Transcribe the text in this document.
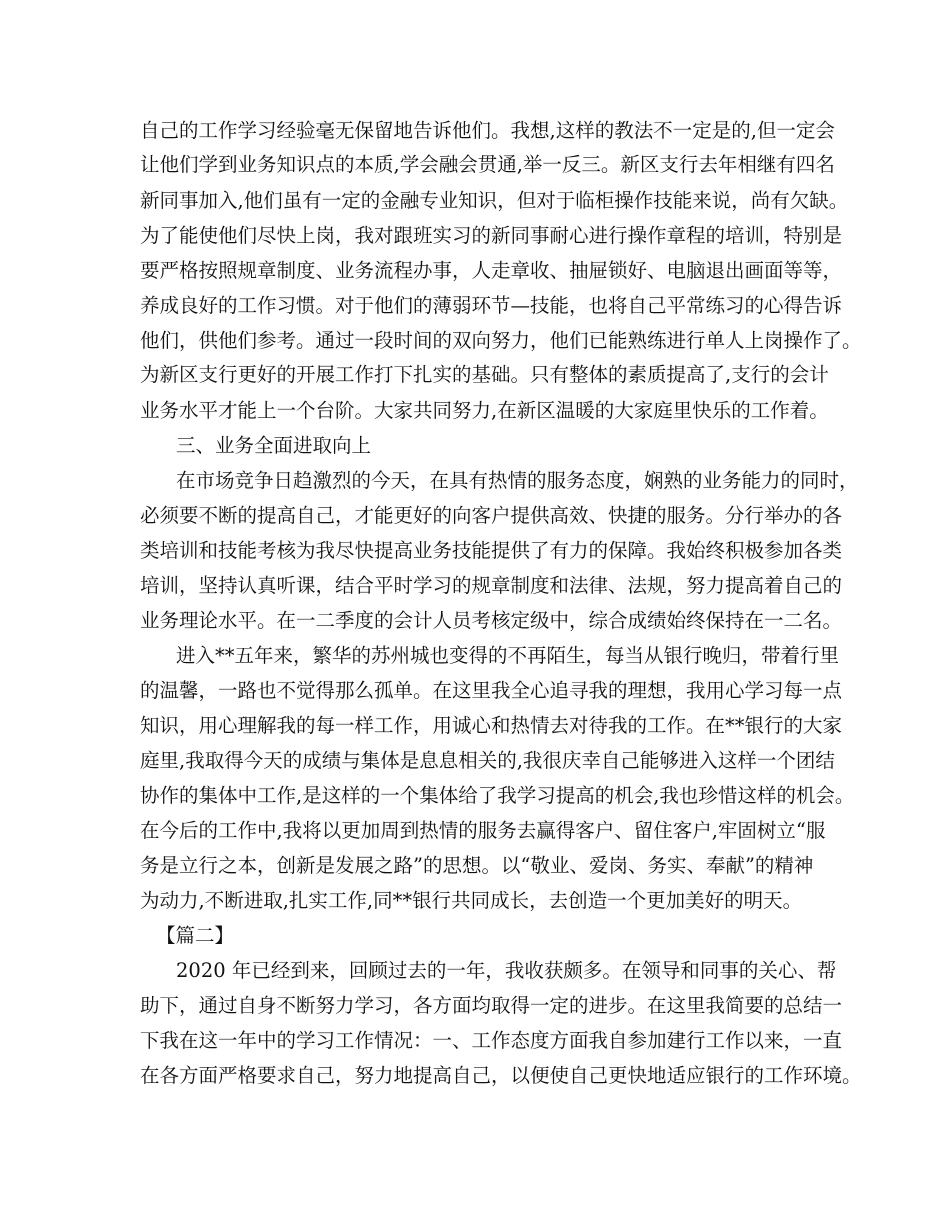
自己的工作学习经验毫无保留地告诉他们。我想,这样的教法不一定是的,但一定会
让他们学到业务知识点的本质,学会融会贯通,举一反三。新区支行去年相继有四名
新同事加入,他们虽有一定的金融专业知识，但对于临柜操作技能来说，尚有欠缺。
为了能使他们尽快上岗，我对跟班实习的新同事耐心进行操作章程的培训，特别是
要严格按照规章制度、业务流程办事，人走章收、抽屉锁好、电脑退出画面等等，
养成良好的工作习惯。对于他们的薄弱环节—技能，也将自己平常练习的心得告诉
他们，供他们参考。通过一段时间的双向努力，他们已能熟练进行单人上岗操作了。
为新区支行更好的开展工作打下扎实的基础。只有整体的素质提高了,支行的会计
业务水平才能上一个台阶。大家共同努力,在新区温暖的大家庭里快乐的工作着。
三、业务全面进取向上
在市场竞争日趋激烈的今天，在具有热情的服务态度，娴熟的业务能力的同时，
必须要不断的提高自己，才能更好的向客户提供高效、快捷的服务。分行举办的各
类培训和技能考核为我尽快提高业务技能提供了有力的保障。我始终积极参加各类
培训，坚持认真听课，结合平时学习的规章制度和法律、法规，努力提高着自己的
业务理论水平。在一二季度的会计人员考核定级中，综合成绩始终保持在一二名。
进入**五年来，繁华的苏州城也变得的不再陌生，每当从银行晚归，带着行里
的温馨，一路也不觉得那么孤单。在这里我全心追寻我的理想，我用心学习每一点
知识，用心理解我的每一样工作，用诚心和热情去对待我的工作。在**银行的大家
庭里,我取得今天的成绩与集体是息息相关的,我很庆幸自己能够进入这样一个团结
协作的集体中工作,是这样的一个集体给了我学习提高的机会,我也珍惜这样的机会。
在今后的工作中,我将以更加周到热情的服务去赢得客户、留住客户,牢固树立“服
务是立行之本，创新是发展之路”的思想。以“敬业、爱岗、务实、奉献”的精神
为动力,不断进取,扎实工作,同**银行共同成长，去创造一个更加美好的明天。
【篇二】
2020 年已经到来，回顾过去的一年，我收获颇多。在领导和同事的关心、帮
助下，通过自身不断努力学习，各方面均取得一定的进步。在这里我简要的总结一
下我在这一年中的学习工作情况：一、工作态度方面我自参加建行工作以来，一直
在各方面严格要求自己，努力地提高自己，以便使自己更快地适应银行的工作环境。
